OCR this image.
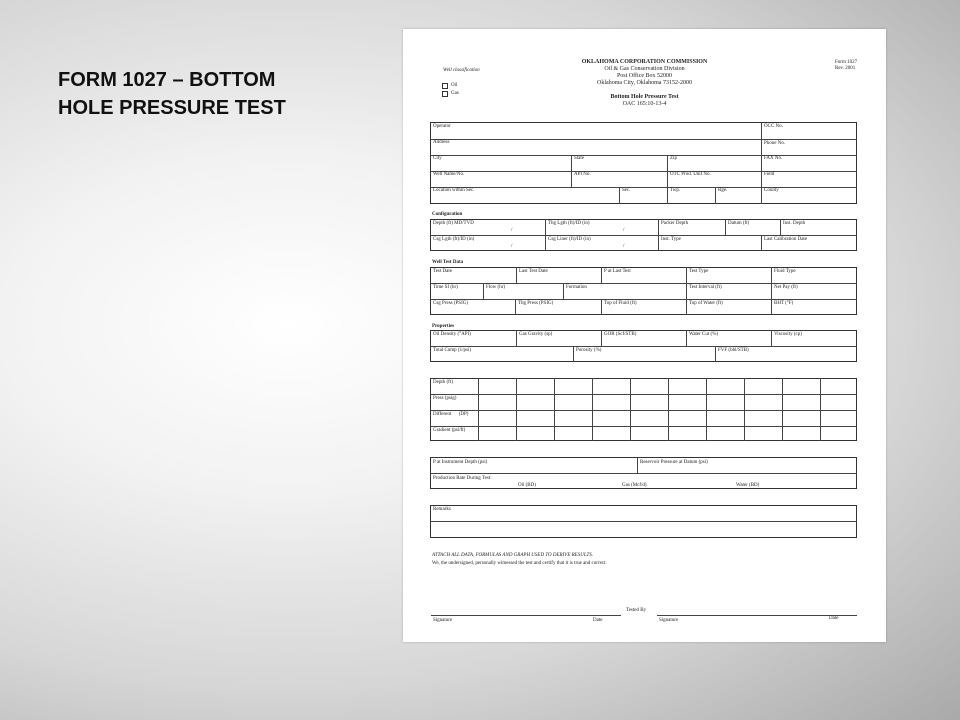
FORM 1027 – BOTTOM
HOLE PRESSURE TEST
OKLAHOMA CORPORATION COMMISSION
Oil & Gas Conservation Division
Post Office Box 52000
Oklahoma City, Oklahoma 73152-2000
Bottom Hole Pressure Test
OAC 165:10-13-4
Form 1027
Rev. 2001
Well classification
Oil
Gas
Operator	OCC No.
Address	Phone No.
City	State	Zip	FAX No.
Well Name/No.	API No.	OTC Prod. Unit No.	Field
Location within Sec.	Sec.	Twp.	Rge.	County
Configuration
Depth (ft) MD/TVD	Tbg Lgth (ft)/ID (in)	Packer Depth	Datum (ft)	Inst. Depth
/	/
Csg Lgth (ft)/ID (in)	Csg Liner (ft)/ID (in)	Inst. Type	Last Calibration Date
/	/
Well Test Data
Test Date	Last Test Date	P at Last Test	Test Type	Fluid Type
Time SI (hr)	Flow (hr)	Formation	Test Interval (ft)	Net Pay (ft)
Csg Press (PSIG)	Tbg Press (PSIG)	Top of Fluid (ft)	Top of Water (ft)	BHT (°F)
Properties
Oil Density (°API)	Gas Gravity (sp)	GOR (Scf/STB)	Water Cut (%)	Viscosity (cp)
Total Comp (1/psi)	Porosity (%)	FVF (bbl/STB)
Depth (ft)
Press (psig)
Different      (DP)
Gradient (psi/ft)
P at Instrument Depth (psi)	Reservoir Pressure at Datum (psi)
Production Rate During Test:
Oil (BD)	Gas (Mcf/d)	Water (BD)
Remarks
ATTACH ALL DATA, FORMULAS AND GRAPH USED TO DERIVE RESULTS.
We, the undersigned, personally witnessed the test and certify that it is true and correct.
Tested By
Signature	Date	Signature	Date
